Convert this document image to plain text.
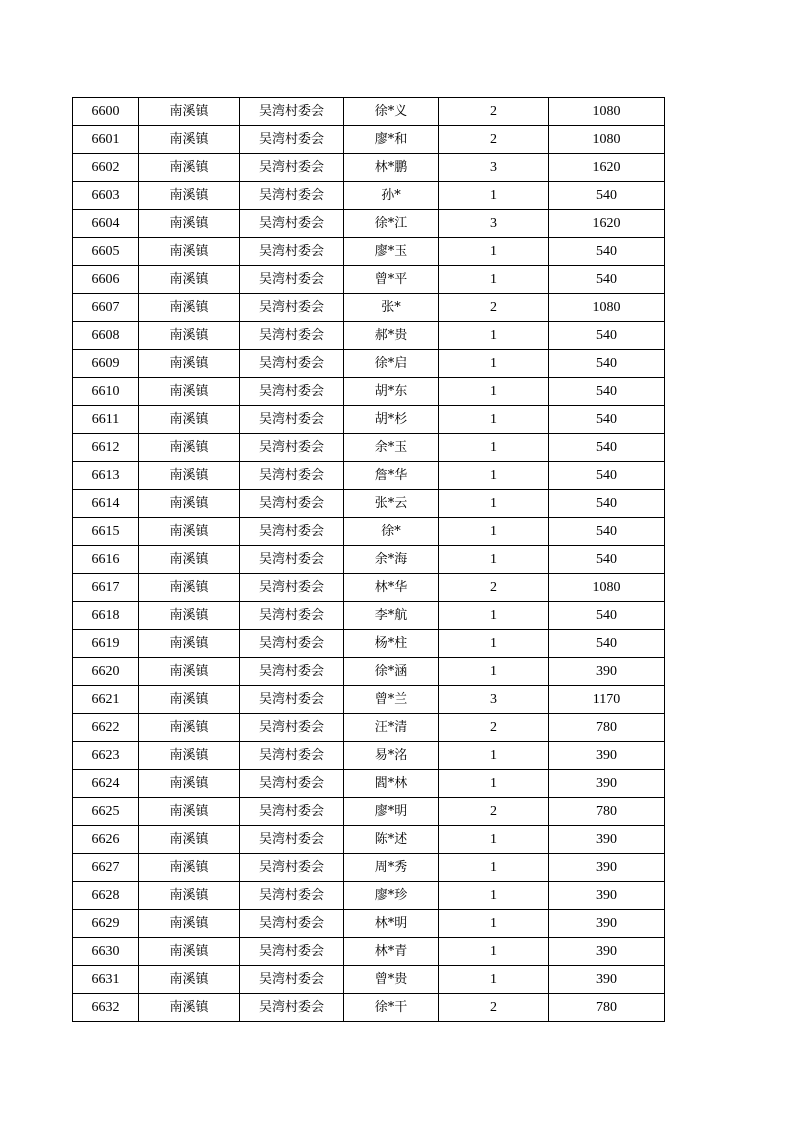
6600	南溪镇	吴湾村委会	徐*义	2	1080
6601	南溪镇	吴湾村委会	廖*和	2	1080
6602	南溪镇	吴湾村委会	林*鹏	3	1620
6603	南溪镇	吴湾村委会	孙*	1	540
6604	南溪镇	吴湾村委会	徐*江	3	1620
6605	南溪镇	吴湾村委会	廖*玉	1	540
6606	南溪镇	吴湾村委会	曾*平	1	540
6607	南溪镇	吴湾村委会	张*	2	1080
6608	南溪镇	吴湾村委会	郝*贵	1	540
6609	南溪镇	吴湾村委会	徐*启	1	540
6610	南溪镇	吴湾村委会	胡*东	1	540
6611	南溪镇	吴湾村委会	胡*杉	1	540
6612	南溪镇	吴湾村委会	余*玉	1	540
6613	南溪镇	吴湾村委会	詹*华	1	540
6614	南溪镇	吴湾村委会	张*云	1	540
6615	南溪镇	吴湾村委会	徐*	1	540
6616	南溪镇	吴湾村委会	余*海	1	540
6617	南溪镇	吴湾村委会	林*华	2	1080
6618	南溪镇	吴湾村委会	李*航	1	540
6619	南溪镇	吴湾村委会	杨*柱	1	540
6620	南溪镇	吴湾村委会	徐*涵	1	390
6621	南溪镇	吴湾村委会	曾*兰	3	1170
6622	南溪镇	吴湾村委会	汪*清	2	780
6623	南溪镇	吴湾村委会	易*洺	1	390
6624	南溪镇	吴湾村委会	閻*林	1	390
6625	南溪镇	吴湾村委会	廖*明	2	780
6626	南溪镇	吴湾村委会	陈*述	1	390
6627	南溪镇	吴湾村委会	周*秀	1	390
6628	南溪镇	吴湾村委会	廖*珍	1	390
6629	南溪镇	吴湾村委会	林*明	1	390
6630	南溪镇	吴湾村委会	林*青	1	390
6631	南溪镇	吴湾村委会	曾*贵	1	390
6632	南溪镇	吴湾村委会	徐*干	2	780
